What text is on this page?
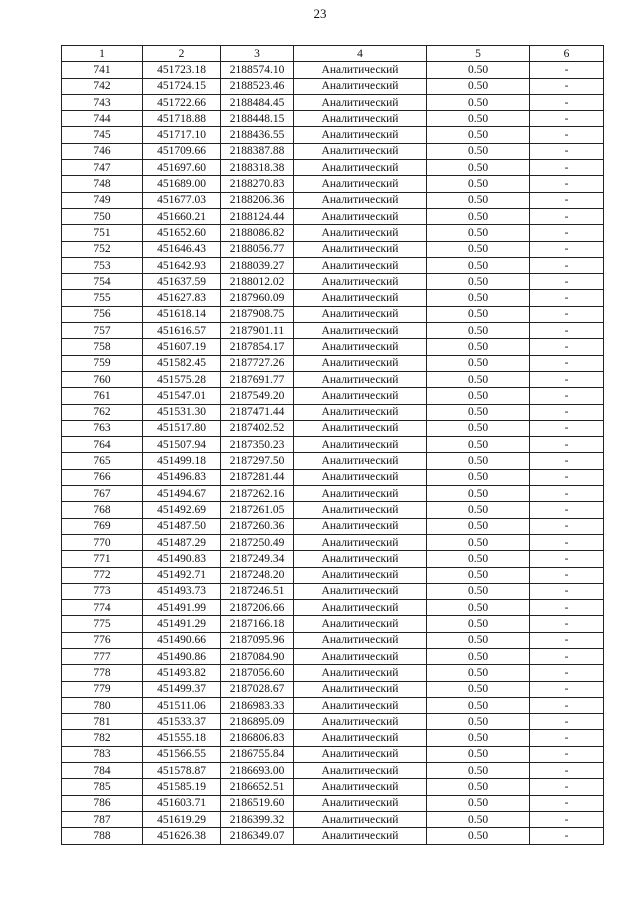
23
1	2	3	4	5	6
741	451723.18	2188574.10	Аналитический	0.50	-
742	451724.15	2188523.46	Аналитический	0.50	-
743	451722.66	2188484.45	Аналитический	0.50	-
744	451718.88	2188448.15	Аналитический	0.50	-
745	451717.10	2188436.55	Аналитический	0.50	-
746	451709.66	2188387.88	Аналитический	0.50	-
747	451697.60	2188318.38	Аналитический	0.50	-
748	451689.00	2188270.83	Аналитический	0.50	-
749	451677.03	2188206.36	Аналитический	0.50	-
750	451660.21	2188124.44	Аналитический	0.50	-
751	451652.60	2188086.82	Аналитический	0.50	-
752	451646.43	2188056.77	Аналитический	0.50	-
753	451642.93	2188039.27	Аналитический	0.50	-
754	451637.59	2188012.02	Аналитический	0.50	-
755	451627.83	2187960.09	Аналитический	0.50	-
756	451618.14	2187908.75	Аналитический	0.50	-
757	451616.57	2187901.11	Аналитический	0.50	-
758	451607.19	2187854.17	Аналитический	0.50	-
759	451582.45	2187727.26	Аналитический	0.50	-
760	451575.28	2187691.77	Аналитический	0.50	-
761	451547.01	2187549.20	Аналитический	0.50	-
762	451531.30	2187471.44	Аналитический	0.50	-
763	451517.80	2187402.52	Аналитический	0.50	-
764	451507.94	2187350.23	Аналитический	0.50	-
765	451499.18	2187297.50	Аналитический	0.50	-
766	451496.83	2187281.44	Аналитический	0.50	-
767	451494.67	2187262.16	Аналитический	0.50	-
768	451492.69	2187261.05	Аналитический	0.50	-
769	451487.50	2187260.36	Аналитический	0.50	-
770	451487.29	2187250.49	Аналитический	0.50	-
771	451490.83	2187249.34	Аналитический	0.50	-
772	451492.71	2187248.20	Аналитический	0.50	-
773	451493.73	2187246.51	Аналитический	0.50	-
774	451491.99	2187206.66	Аналитический	0.50	-
775	451491.29	2187166.18	Аналитический	0.50	-
776	451490.66	2187095.96	Аналитический	0.50	-
777	451490.86	2187084.90	Аналитический	0.50	-
778	451493.82	2187056.60	Аналитический	0.50	-
779	451499.37	2187028.67	Аналитический	0.50	-
780	451511.06	2186983.33	Аналитический	0.50	-
781	451533.37	2186895.09	Аналитический	0.50	-
782	451555.18	2186806.83	Аналитический	0.50	-
783	451566.55	2186755.84	Аналитический	0.50	-
784	451578.87	2186693.00	Аналитический	0.50	-
785	451585.19	2186652.51	Аналитический	0.50	-
786	451603.71	2186519.60	Аналитический	0.50	-
787	451619.29	2186399.32	Аналитический	0.50	-
788	451626.38	2186349.07	Аналитический	0.50	-
